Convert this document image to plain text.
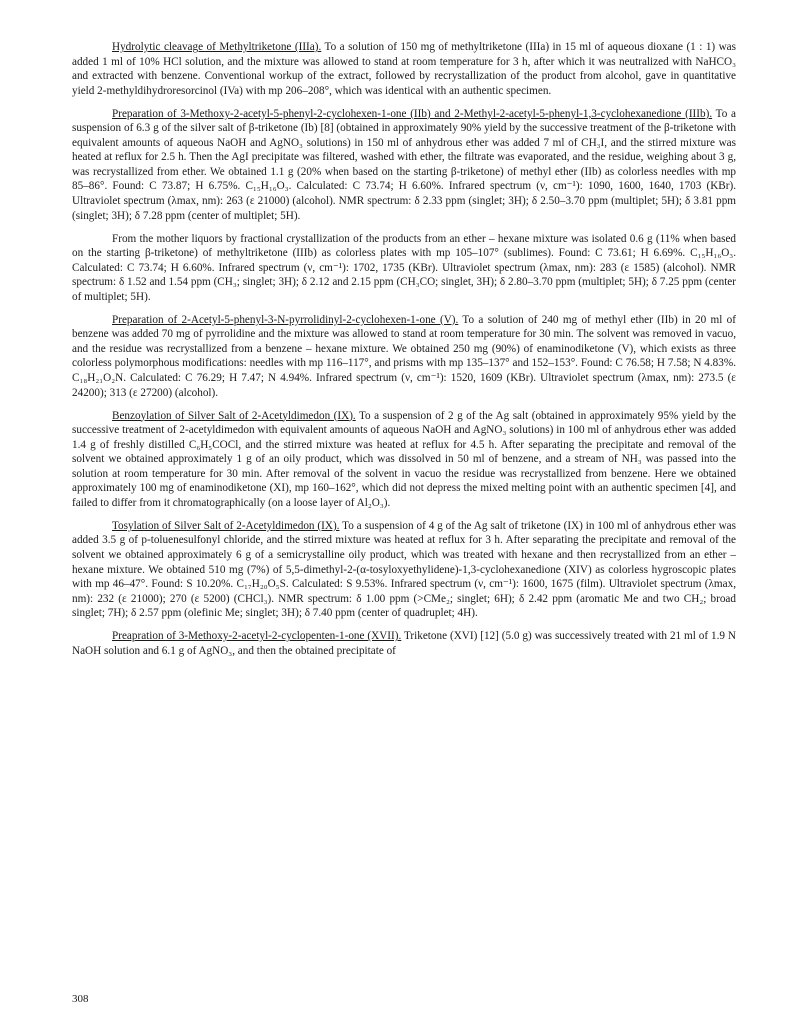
Hydrolytic cleavage of Methyltriketone (IIIa). To a solution of 150 mg of methyltriketone (IIIa) in 15 ml of aqueous dioxane (1 : 1) was added 1 ml of 10% HCl solution, and the mixture was allowed to stand at room temperature for 3 h, after which it was neutralized with NaHCO₃ and extracted with benzene. Conventional workup of the extract, followed by recrystallization of the product from alcohol, gave in quantitative yield 2-methyldihydroresorcinol (IVa) with mp 206–208°, which was identical with an authentic specimen.

Preparation of 3-Methoxy-2-acetyl-5-phenyl-2-cyclohexen-1-one (IIb) and 2-Methyl-2-acetyl-5-phenyl-1,3-cyclohexanedione (IIIb). To a suspension of 6.3 g of the silver salt of β-triketone (Ib) [8] (obtained in approximately 90% yield by the successive treatment of the β-triketone with equivalent amounts of aqueous NaOH and AgNO₃ solutions) in 150 ml of anhydrous ether was added 7 ml of CH₃I, and the stirred mixture was heated at reflux for 2.5 h. Then the AgI precipitate was filtered, washed with ether, the filtrate was evaporated, and the residue, weighing about 3 g, was recrystallized from ether. We obtained 1.1 g (20% when based on the starting β-triketone) of methyl ether (IIb) as colorless needles with mp 85–86°. Found: C 73.87; H 6.75%. C₁₅H₁₆O₃. Calculated: C 73.74; H 6.60%. Infrared spectrum (ν, cm⁻¹): 1090, 1600, 1640, 1703 (KBr). Ultraviolet spectrum (λmax, nm): 263 (ε 21000) (alcohol). NMR spectrum: δ 2.33 ppm (singlet; 3H); δ 2.50–3.70 ppm (multiplet; 5H); δ 3.81 ppm (singlet; 3H); δ 7.28 ppm (center of multiplet; 5H).

From the mother liquors by fractional crystallization of the products from an ether – hexane mixture was isolated 0.6 g (11% when based on the starting β-triketone) of methyltriketone (IIIb) as colorless plates with mp 105–107° (sublimes). Found: C 73.61; H 6.69%. C₁₅H₁₆O₃. Calculated: C 73.74; H 6.60%. Infrared spectrum (ν, cm⁻¹): 1702, 1735 (KBr). Ultraviolet spectrum (λmax, nm): 283 (ε 1585) (alcohol). NMR spectrum: δ 1.52 and 1.54 ppm (CH₃; singlet; 3H); δ 2.12 and 2.15 ppm (CH₃CO; singlet, 3H); δ 2.80–3.70 ppm (multiplet; 5H); δ 7.25 ppm (center of multiplet; 5H).

Preparation of 2-Acetyl-5-phenyl-3-N-pyrrolidinyl-2-cyclohexen-1-one (V). To a solution of 240 mg of methyl ether (IIb) in 20 ml of benzene was added 70 mg of pyrrolidine and the mixture was allowed to stand at room temperature for 30 min. The solvent was removed in vacuo, and the residue was recrystallized from a benzene – hexane mixture. We obtained 250 mg (90%) of enaminodiketone (V), which exists as three colorless polymorphous modifications: needles with mp 116–117°, and prisms with mp 135–137° and 152–153°. Found: C 76.58; H 7.58; N 4.83%. C₁₈H₂₁O₂N. Calculated: C 76.29; H 7.47; N 4.94%. Infrared spectrum (ν, cm⁻¹): 1520, 1609 (KBr). Ultraviolet spectrum (λmax, nm): 273.5 (ε 24200); 313 (ε 27200) (alcohol).

Benzoylation of Silver Salt of 2-Acetyldimedon (IX). To a suspension of 2 g of the Ag salt (obtained in approximately 95% yield by the successive treatment of 2-acetyldimedon with equivalent amounts of aqueous NaOH and AgNO₃ solutions) in 100 ml of anhydrous ether was added 1.4 g of freshly distilled C₆H₅COCl, and the stirred mixture was heated at reflux for 4.5 h. After separating the precipitate and removal of the solvent we obtained approximately 1 g of an oily product, which was dissolved in 50 ml of benzene, and a stream of NH₃ was passed into the solution at room temperature for 30 min. After removal of the solvent in vacuo the residue was recrystallized from benzene. Here we obtained approximately 100 mg of enaminodiketone (XI), mp 160–162°, which did not depress the mixed melting point with an authentic specimen [4], and failed to differ from it chromatographically (on a loose layer of Al₂O₃).

Tosylation of Silver Salt of 2-Acetyldimedon (IX). To a suspension of 4 g of the Ag salt of triketone (IX) in 100 ml of anhydrous ether was added 3.5 g of p-toluenesulfonyl chloride, and the stirred mixture was heated at reflux for 3 h. After separating the precipitate and removal of the solvent we obtained approximately 6 g of a semicrystalline oily product, which was treated with hexane and then recrystallized from an ether – hexane mixture. We obtained 510 mg (7%) of 5,5-dimethyl-2-(α-tosyloxyethylidene)-1,3-cyclohexanedione (XIV) as colorless hygroscopic plates with mp 46–47°. Found: S 10.20%. C₁₇H₂₀O₅S. Calculated: S 9.53%. Infrared spectrum (ν, cm⁻¹): 1600, 1675 (film). Ultraviolet spectrum (λmax, nm): 232 (ε 21000); 270 (ε 5200) (CHCl₃). NMR spectrum: δ 1.00 ppm (>CMe₂; singlet; 6H); δ 2.42 ppm (aromatic Me and two CH₂; broad singlet; 7H); δ 2.57 ppm (olefinic Me; singlet; 3H); δ 7.40 ppm (center of quadruplet; 4H).

Preapration of 3-Methoxy-2-acetyl-2-cyclopenten-1-one (XVII). Triketone (XVI) [12] (5.0 g) was successively treated with 21 ml of 1.9 N NaOH solution and 6.1 g of AgNO₃, and then the obtained precipitate of

308
